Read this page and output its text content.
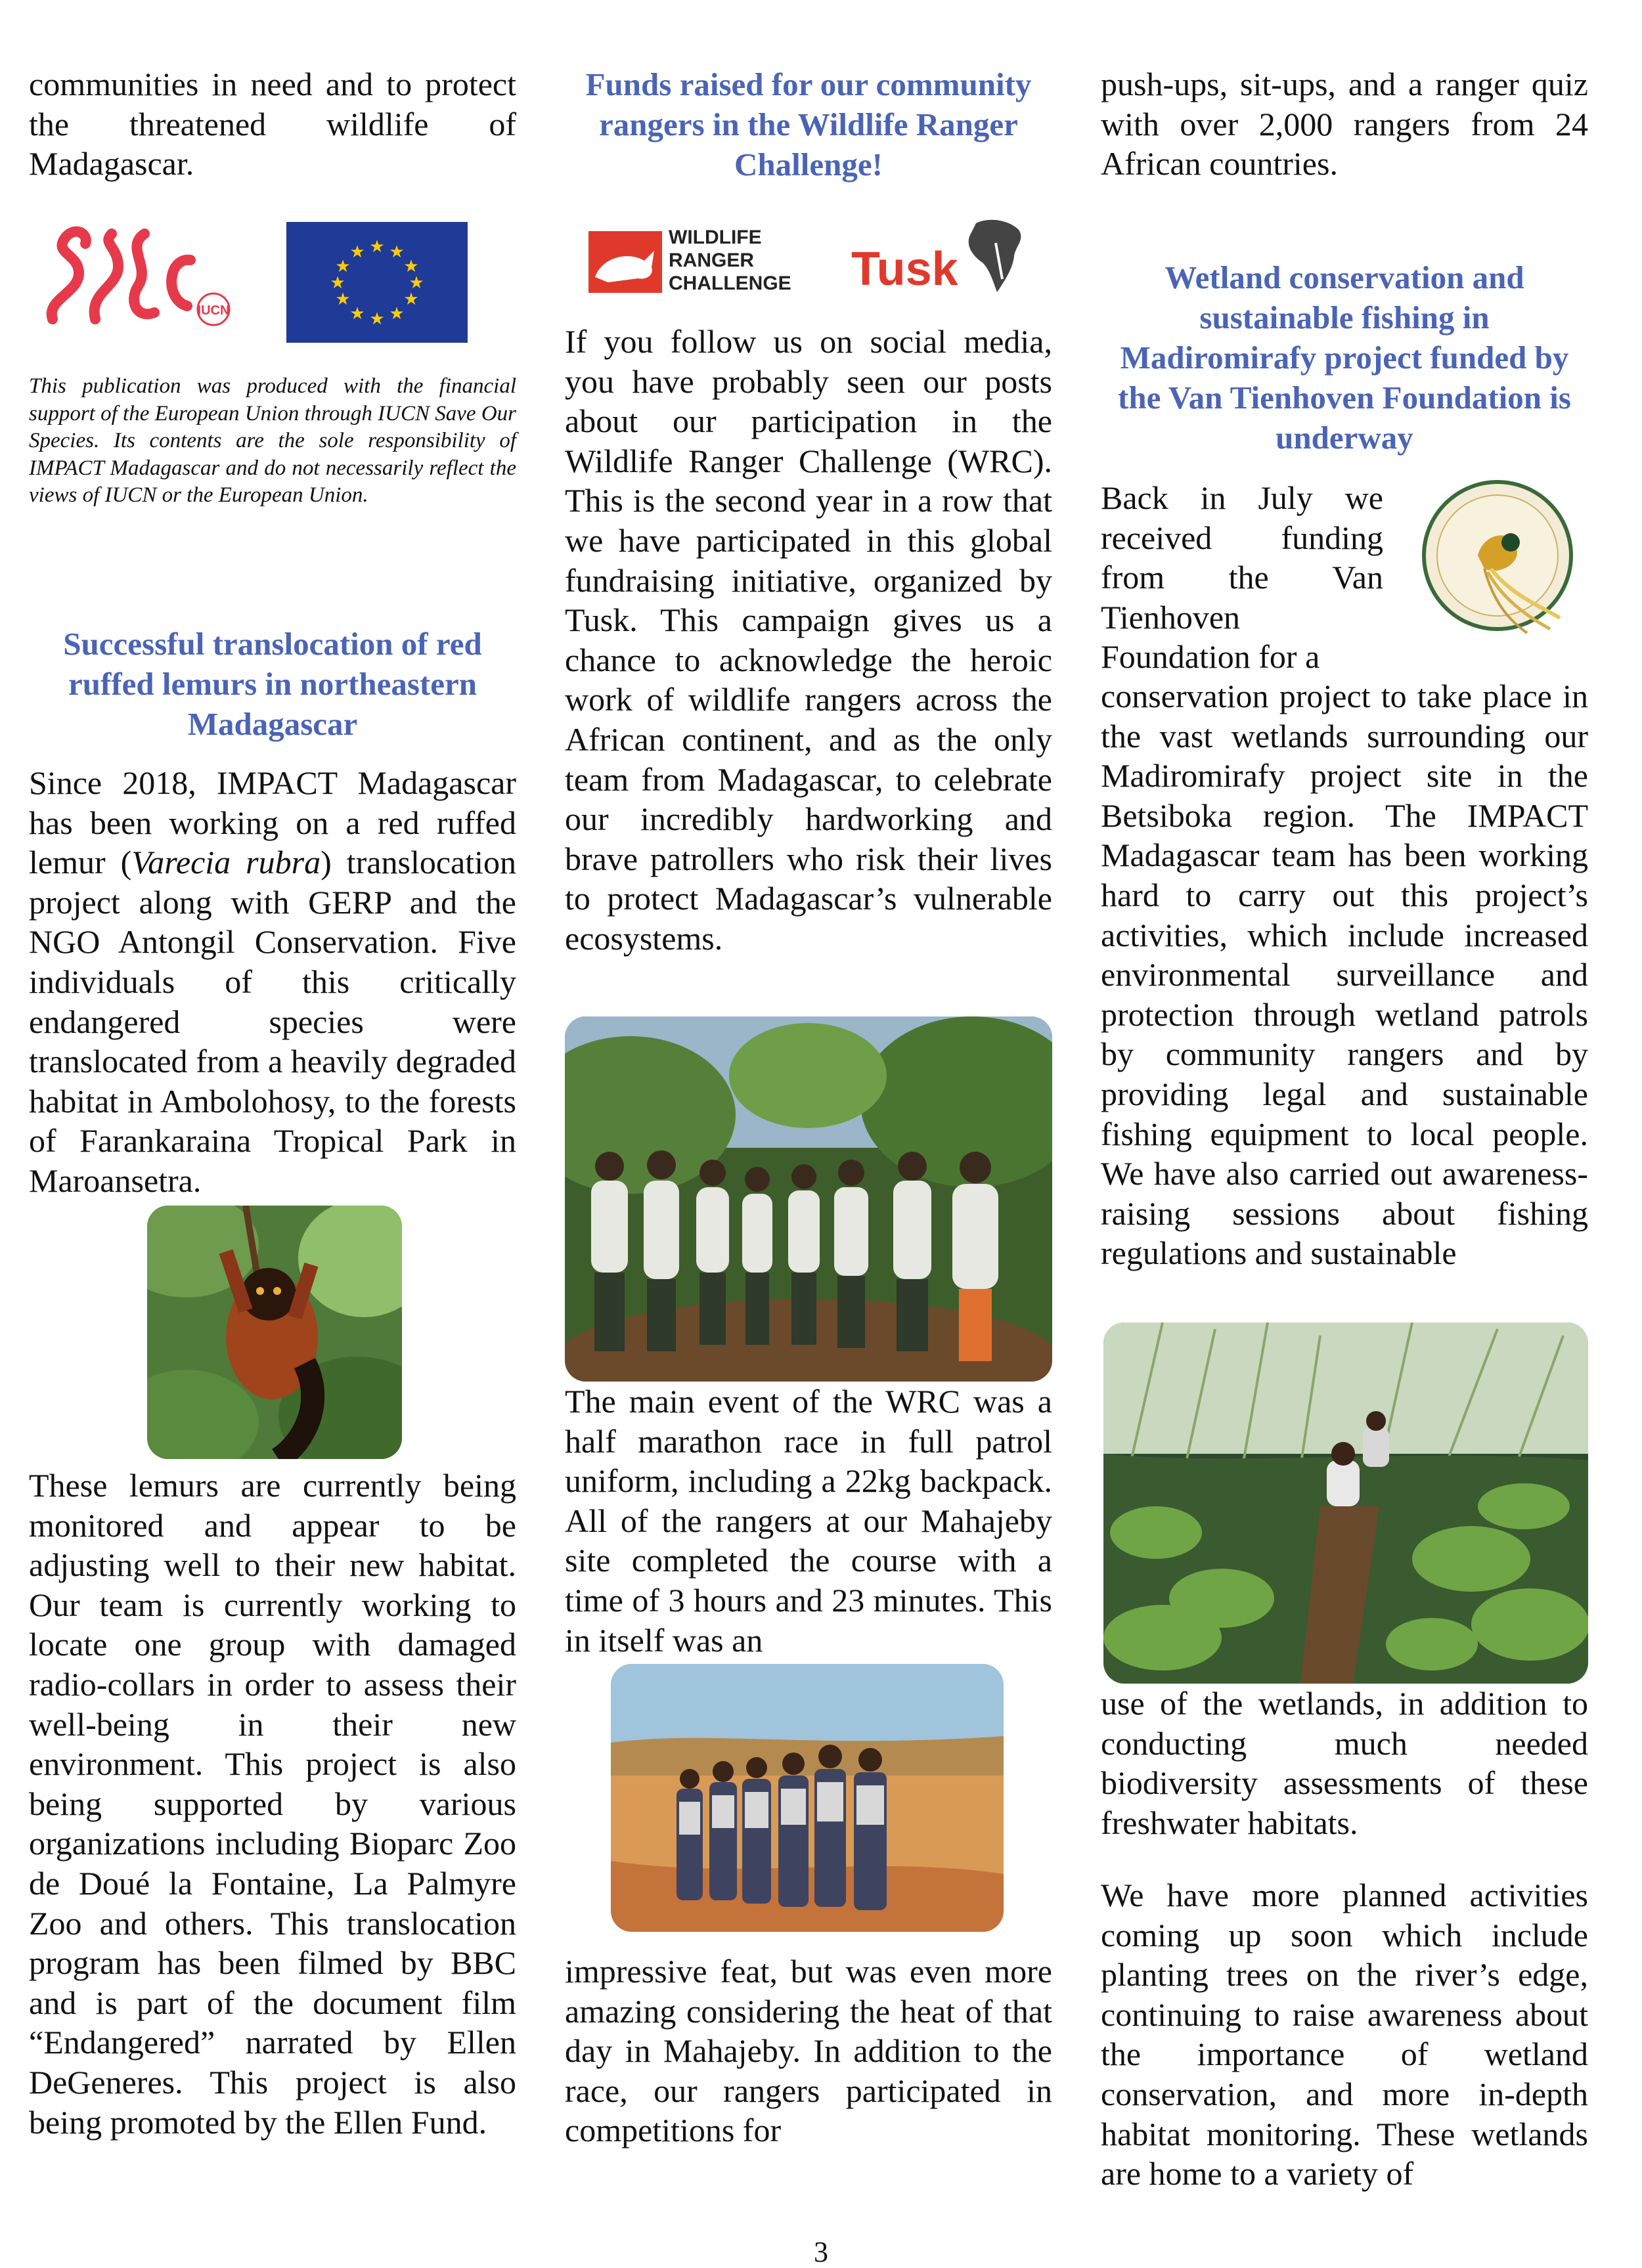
communities in need and to protect the threatened wildlife of Madagascar.

IUCN
★ ★
★
★
★
★
★
★
★
★
★
★

This publication was produced with the financial support of the European Union through IUCN Save Our Species. Its contents are the sole responsibility of IMPACT Madagascar and do not necessarily reflect the views of IUCN or the European Union.

Successful translocation of red ruffed lemurs in northeastern Madagascar

Since 2018, IMPACT Madagascar has been working on a red ruffed lemur (Varecia rubra) translocation project along with GERP and the NGO Antongil Conservation. Five individuals of this critically endangered species were translocated from a heavily degraded habitat in Ambolohosy, to the forests of Farankaraina Tropical Park in Maroansetra.

These lemurs are currently being monitored and appear to be adjusting well to their new habitat. Our team is currently working to locate one group with damaged radio-collars in order to assess their well-being in their new environment. This project is also being supported by various organizations including Bioparc Zoo de Doué la Fontaine, La Palmyre Zoo and others. This translocation program has been filmed by BBC and is part of the document film “Endangered” narrated by Ellen DeGeneres. This project is also being promoted by the Ellen Fund.

Funds raised for our community rangers in the Wildlife Ranger Challenge!
WILDLIFE
RANGER
CHALLENGE Tusk

If you follow us on social media, you have probably seen our posts about our participation in the Wildlife Ranger Challenge (WRC). This is the second year in a row that we have participated in this global fundraising initiative, organized by Tusk. This campaign gives us a chance to acknowledge the heroic work of wildlife rangers across the African continent, and as the only team from Madagascar, to celebrate our incredibly hardworking and brave patrollers who risk their lives to protect Madagascar’s vulnerable ecosystems.

The main event of the WRC was a half marathon race in full patrol uniform, including a 22kg backpack. All of the rangers at our Mahajeby site completed the course with a time of 3 hours and 23 minutes. This in itself was an

impressive feat, but was even more amazing considering the heat of that day in Mahajeby. In addition to the race, our rangers participated in competitions for

push-ups, sit-ups, and a ranger quiz with over 2,000 rangers from 24 African countries.

Wetland conservation and sustainable fishing in Madiromirafy project funded by the Van Tienhoven Foundation is underway

Back in July we received funding from the Van Tienhoven Foundation for a

conservation project to take place in the vast wetlands surrounding our Madiromirafy project site in the Betsiboka region. The IMPACT Madagascar team has been working hard to carry out this project’s activities, which include increased environmental surveillance and protection through wetland patrols by community rangers and by providing legal and sustainable fishing equipment to local people. We have also carried out awareness-raising sessions about fishing regulations and sustainable

use of the wetlands, in addition to conducting much needed biodiversity assessments of these freshwater habitats.

We have more planned activities coming up soon which include planting trees on the river’s edge, continuing to raise awareness about the importance of wetland conservation, and more in-depth habitat monitoring. These wetlands are home to a variety of

3
